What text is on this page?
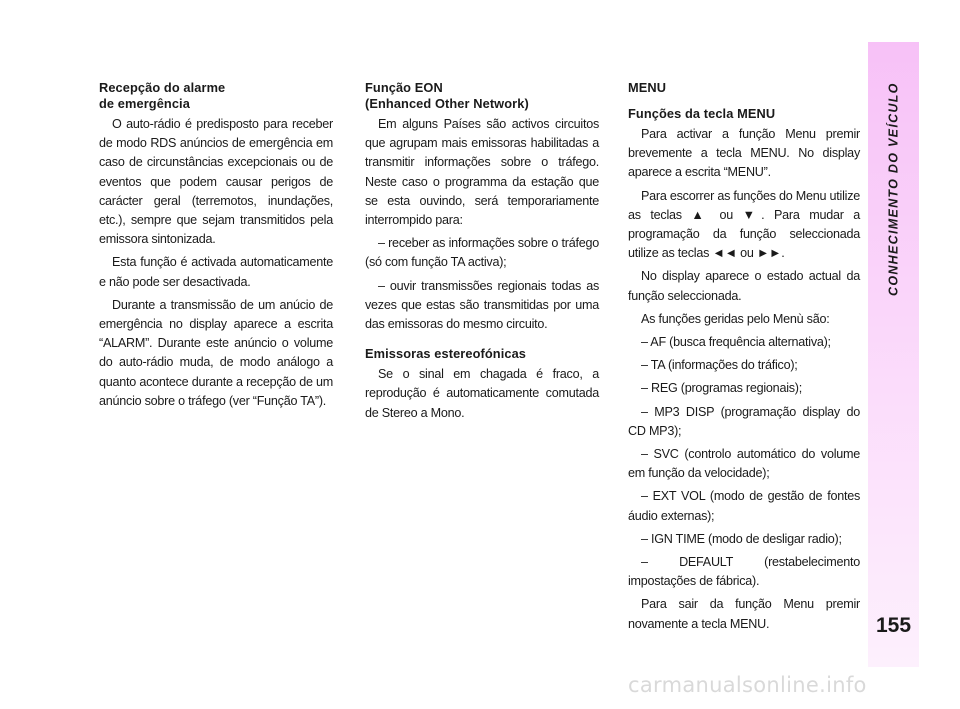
Recepção do alarme
de emergência

O auto-rádio é predisposto para receber de modo RDS anúncios de emergência em caso de circunstâncias excepcionais ou de eventos que podem causar perigos de carácter geral (terremotos, inundações, etc.), sempre que sejam transmitidos pela emissora sintonizada.

Esta função é activada automaticamente e não pode ser desactivada.

Durante a transmissão de um anúcio de emergência no display aparece a escrita “ALARM”. Durante este anúncio o volume do auto-rádio muda, de modo análogo a quanto acontece durante a recepção de um anúncio sobre o tráfego (ver “Função TA”).

Função EON
(Enhanced Other Network)

Em alguns Países são activos circuitos que agrupam mais emissoras habilitadas a transmitir informações sobre o tráfego. Neste caso o programma da estação que se esta ouvindo, será temporariamente interrompido para:

– receber as informações sobre o tráfego (só com função TA activa);

– ouvir transmissões regionais todas as vezes que estas são transmitidas por uma das emissoras do mesmo circuito.

Emissoras estereofónicas

Se o sinal em chagada é fraco, a reprodução é automaticamente comutada de Stereo a Mono.

MENU
Funções da tecla MENU

Para activar a função Menu premir brevemente a tecla MENU. No display aparece a escrita “MENU”.

Para escorrer as funções do Menu utilize as teclas ▲ ou ▼. Para mudar a programação da função seleccionada utilize as teclas ◄◄ ou ►►.

No display aparece o estado actual da função seleccionada.

As funções geridas pelo Menù são:

– AF (busca frequência alternativa);

– TA (informações do tráfico);

– REG (programas regionais);

– MP3 DISP (programação display do CD MP3);

– SVC (controlo automático do volume em função da velocidade);

– EXT VOL (modo de gestão de fontes áudio externas);

– IGN TIME (modo de desligar radio);

– DEFAULT (restabelecimento impostações de fábrica).

Para sair da função Menu premir novamente a tecla MENU.

CONHECIMENTO DO VEÍCULO
155
carmanualsonline.info
